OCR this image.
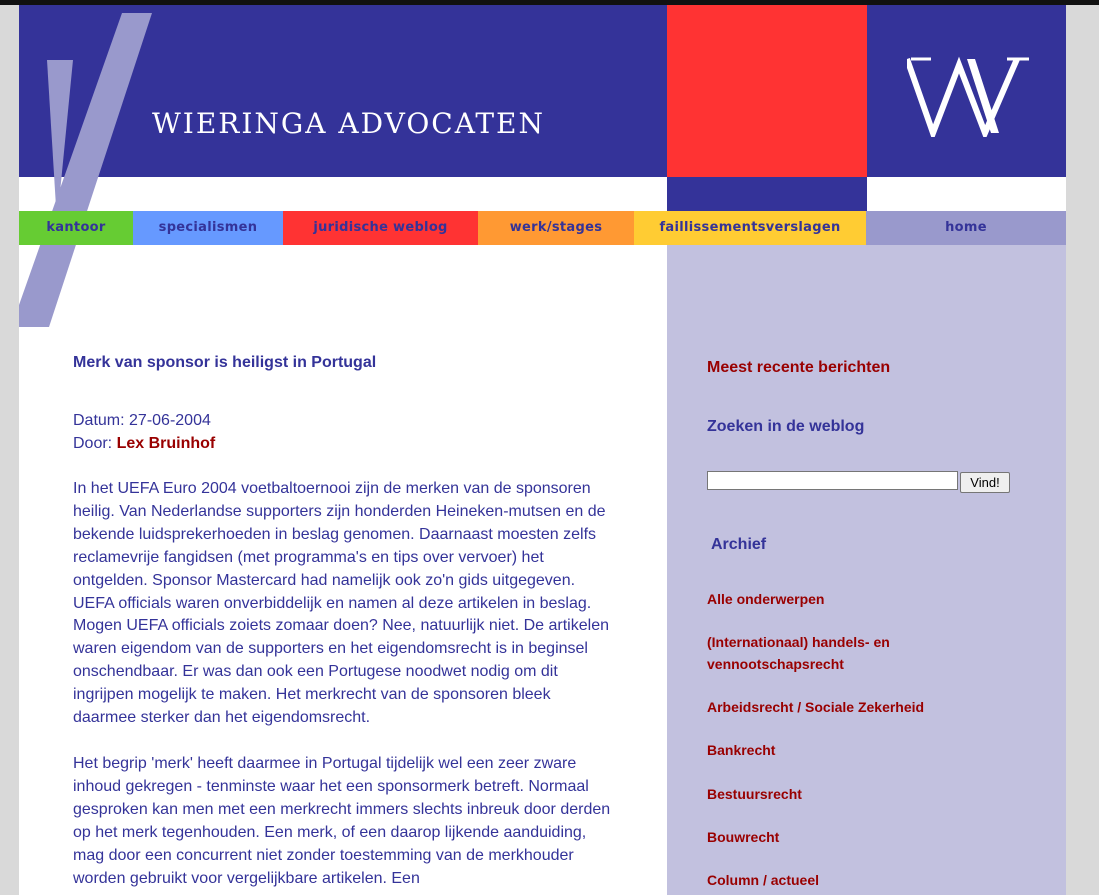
WIERINGA ADVOCATEN
kantoor	specialismen	juridische weblog	werk/stages	faillissementsverslagen	home
Merk van sponsor is heiligst in Portugal
Datum: 27-06-2004
Door: Lex Bruinhof

In het UEFA Euro 2004 voetbaltoernooi zijn de merken van de sponsoren heilig. Van Nederlandse supporters zijn honderden Heineken-mutsen en de bekende luidsprekerhoeden in beslag genomen. Daarnaast moesten zelfs reclamevrije fangidsen (met programma's en tips over vervoer) het ontgelden. Sponsor Mastercard had namelijk ook zo'n gids uitgegeven. UEFA officials waren onverbiddelijk en namen al deze artikelen in beslag. Mogen UEFA officials zoiets zomaar doen? Nee, natuurlijk niet. De artikelen waren eigendom van de supporters en het eigendomsrecht is in beginsel onschendbaar. Er was dan ook een Portugese noodwet nodig om dit ingrijpen mogelijk te maken. Het merkrecht van de sponsoren bleek daarmee sterker dan het eigendomsrecht.

Het begrip 'merk' heeft daarmee in Portugal tijdelijk wel een zeer zware inhoud gekregen - tenminste waar het een sponsormerk betreft. Normaal gesproken kan men met een merkrecht immers slechts inbreuk door derden op het merk tegenhouden. Een merk, of een daarop lijkende aanduiding, mag door een concurrent niet zonder toestemming van de merkhouder worden gebruikt voor vergelijkbare artikelen. Een

Meest recente berichten
Zoeken in de weblog
Vind!
Archief
Alle onderwerpen
(Internationaal) handels- en vennootschapsrecht
Arbeidsrecht / Sociale Zekerheid
Bankrecht
Bestuursrecht
Bouwrecht
Column / actueel
